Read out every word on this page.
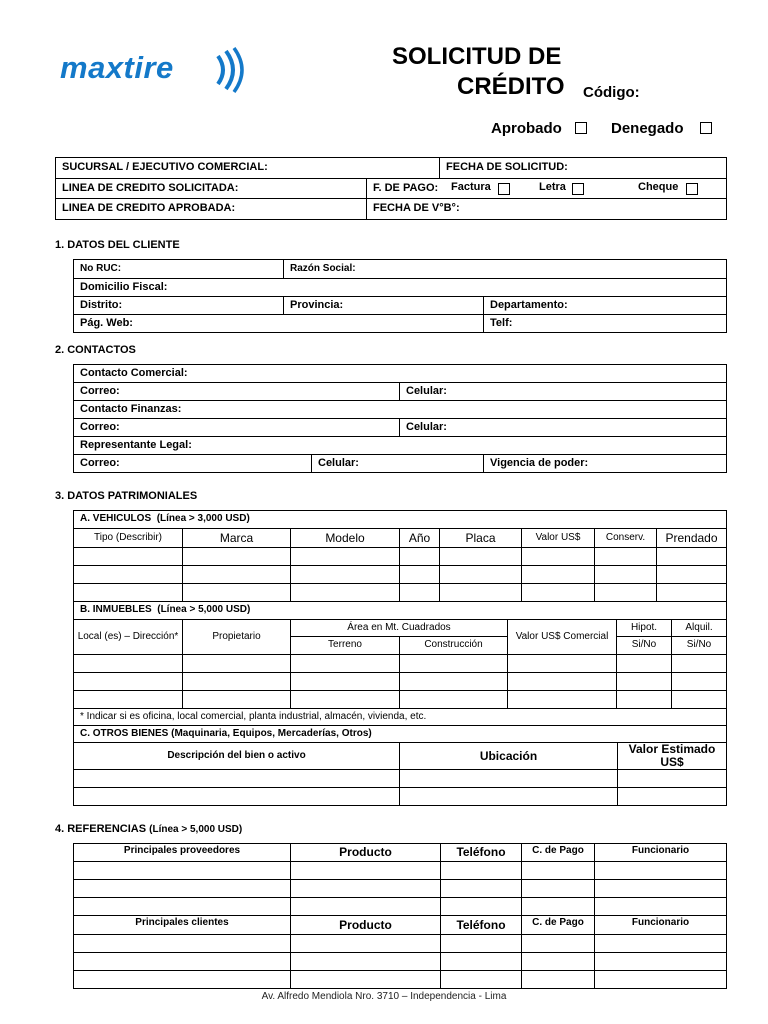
maxtire	SOLICITUD DE
CRÉDITO Código:
Aprobado	Denegado
SUCURSAL / EJECUTIVO COMERCIAL:		FECHA DE SOLICITUD:
LINEA DE CREDITO SOLICITADA:	F. DE PAGO: Factura Letra Cheque	

LINEA DE CREDITO APROBADA:	FECHA DE V°B°:	
1. DATOS DEL CLIENTE
No RUC:	Razón Social:	
Domicilio Fiscal:		
Distrito:	Provincia:	Departamento:
Pág. Web:		Telf:
2. CONTACTOS
Contacto Comercial:			
Correo:		Celular:	
Contacto Finanzas:			
Correo:		Celular:	
Representante Legal:			
Correo:	Celular:		Vigencia de poder:
3. DATOS PATRIMONIALES
A. VEHICULOS (Línea > 3,000 USD)

Tipo (Describir)	Marca	Modelo	Año	Placa	Valor US$	Conserv.	Prendado

B. INMUEBLES (Línea > 5,000 USD)						
Local (es) – Dirección*	Propietario	Área en Mt. Cuadrados		Valor US$ Comercial	Hipot.	Alquil.
		Terreno	Construcción		Si/No	Si/No

* Indicar si es oficina, local comercial, planta industrial, almacén, vivienda, etc.						
C. OTROS BIENES (Maquinaria, Equipos, Mercaderías, Otros)		
Descripción del bien o activo	Ubicación	Valor Estimado US$

4. REFERENCIAS (Línea > 5,000 USD)
Principales proveedores	Producto	Teléfono	C. de Pago	Funcionario

Principales clientes	Producto	Teléfono	C. de Pago	Funcionario

Av. Alfredo Mendiola Nro. 3710 – Independencia - Lima
